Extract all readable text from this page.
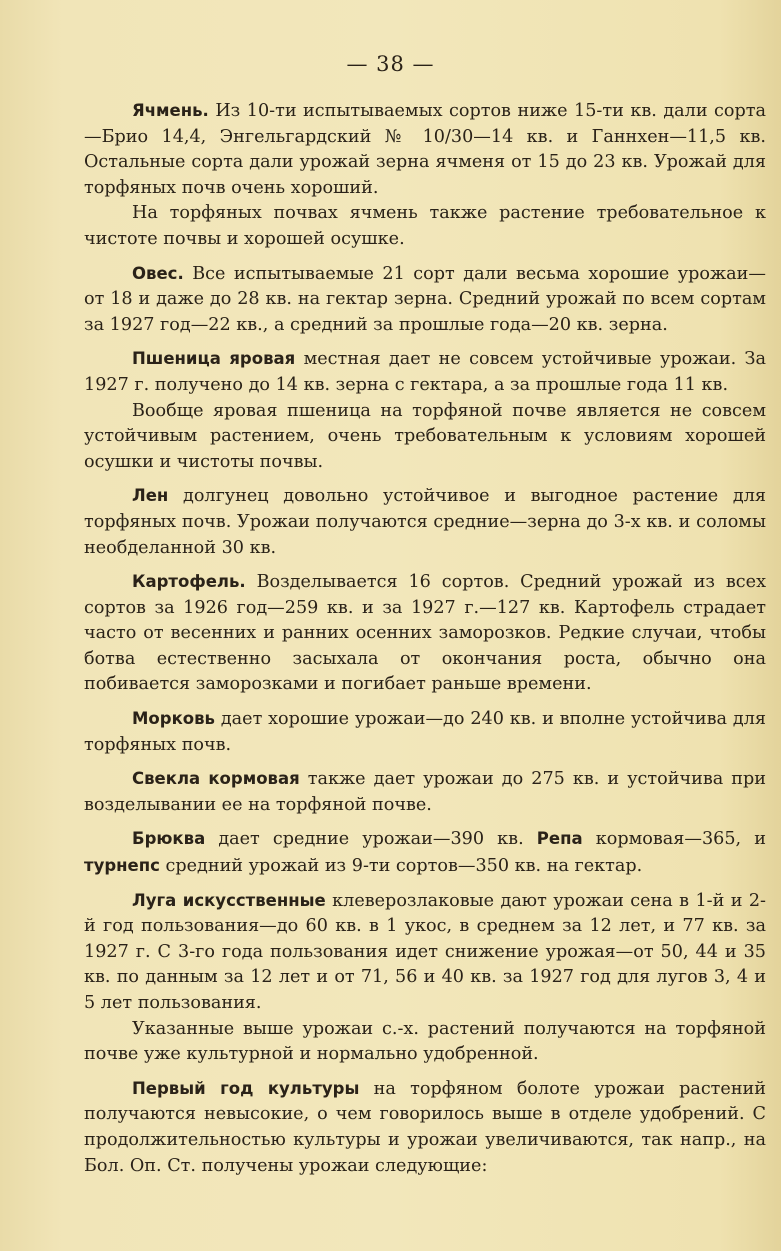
— 38 —

Ячмень. Из 10-ти испытываемых сортов ниже 15-ти кв. дали сорта —Брио 14,4, Энгельгардский № 10/30—14 кв. и Ганнхен—11,5 кв. Остальные сорта дали урожай зерна ячменя от 15 до 23 кв. Урожай для торфяных почв очень хороший.

На торфяных почвах ячмень также растение требовательное к чистоте почвы и хорошей осушке.

Овес. Все испытываемые 21 сорт дали весьма хорошие урожаи— от 18 и даже до 28 кв. на гектар зерна. Средний урожай по всем сортам за 1927 год—22 кв., а средний за прошлые года—20 кв. зерна.

Пшеница яровая местная дает не совсем устойчивые урожаи. За 1927 г. получено до 14 кв. зерна с гектара, а за прошлые года 11 кв.

Вообще яровая пшеница на торфяной почве является не совсем устойчивым растением, очень требовательным к условиям хорошей осушки и чистоты почвы.

Лен долгунец довольно устойчивое и выгодное растение для торфяных почв. Урожаи получаются средние—зерна до 3-х кв. и соломы необделанной 30 кв.

Картофель. Возделывается 16 сортов. Средний урожай из всех сортов за 1926 год—259 кв. и за 1927 г.—127 кв. Картофель страдает часто от весенних и ранних осенних заморозков. Редкие случаи, чтобы ботва естественно засыхала от окончания роста, обычно она побивается заморозками и погибает раньше времени.

Морковь дает хорошие урожаи—до 240 кв. и вполне устойчива для торфяных почв.

Свекла кормовая также дает урожаи до 275 кв. и устойчива при возделывании ее на торфяной почве.

Брюква дает средние урожаи—390 кв. Репа кормовая—365, и турнепс средний урожай из 9-ти сортов—350 кв. на гектар.

Луга искусственные клеверозлаковые дают урожаи сена в 1-й и 2-й год пользования—до 60 кв. в 1 укос, в среднем за 12 лет, и 77 кв. за 1927 г. С 3-го года пользования идет снижение урожая—от 50, 44 и 35 кв. по данным за 12 лет и от 71, 56 и 40 кв. за 1927 год для лугов 3, 4 и 5 лет пользования.

Указанные выше урожаи с.-х. растений получаются на торфяной почве уже культурной и нормально удобренной.

Первый год культуры на торфяном болоте урожаи растений получаются невысокие, о чем говорилось выше в отделе удобрений. С продолжительностью культуры и урожаи увеличиваются, так напр., на Бол. Оп. Ст. получены урожаи следующие:
